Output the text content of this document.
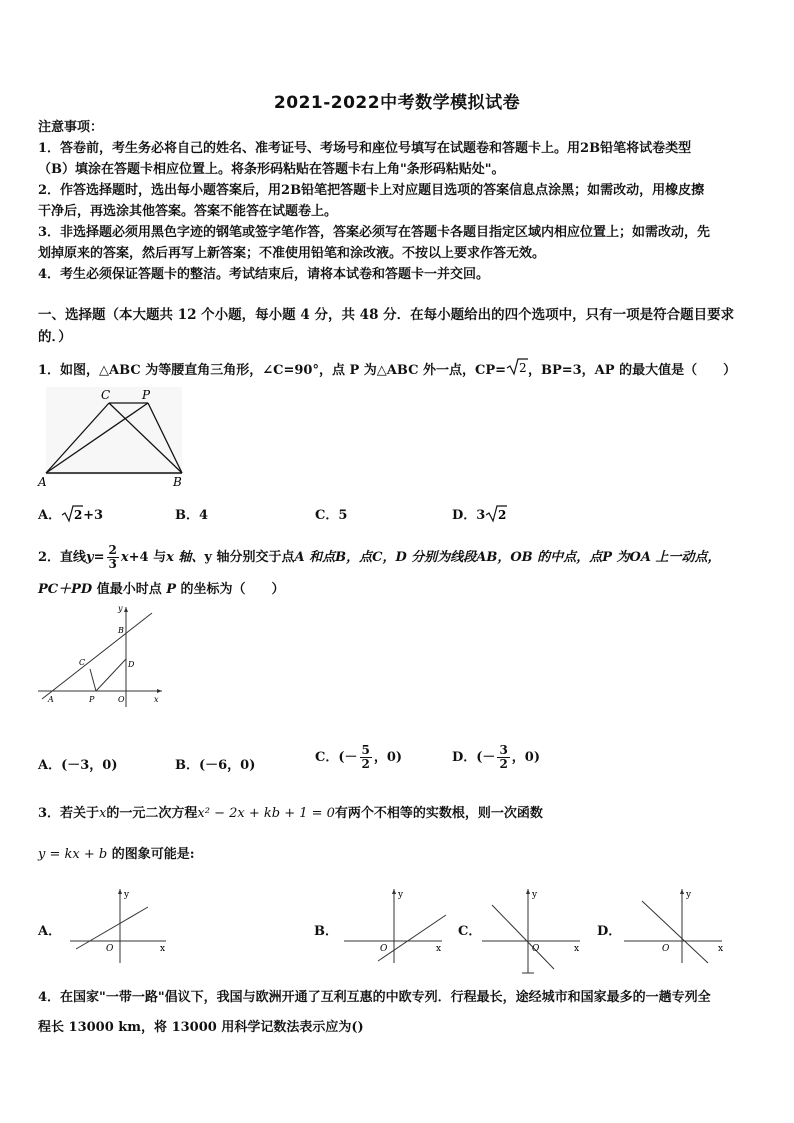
2021-2022中考数学模拟试卷
注意事项：
1．答卷前，考生务必将自己的姓名、准考证号、考场号和座位号填写在试题卷和答题卡上。用2B铅笔将试卷类型
（B）填涂在答题卡相应位置上。将条形码粘贴在答题卡右上角"条形码粘贴处"。
2．作答选择题时，选出每小题答案后，用2B铅笔把答题卡上对应题目选项的答案信息点涂黑；如需改动，用橡皮擦
干净后，再选涂其他答案。答案不能答在试题卷上。
3．非选择题必须用黑色字迹的钢笔或签字笔作答，答案必须写在答题卡各题目指定区域内相应位置上；如需改动，先
划掉原来的答案，然后再写上新答案；不准使用铅笔和涂改液。不按以上要求作答无效。
4．考生必须保证答题卡的整洁。考试结束后，请将本试卷和答题卡一并交回。
一、选择题（本大题共 12 个小题，每小题 4 分，共 48 分．在每小题给出的四个选项中，只有一项是符合题目要求
的．）
1．如图，△ABC 为等腰直角三角形，∠C=90°，点 P 为△ABC 外一点，CP= 2 ，BP=3，AP 的最大值是（　　）
C	P
A	B
A． 2 +3	B．4	C．5	D．3 2
2．直线$y= \frac{2}{3} x+4$ 与x 轴、y 轴分别交于点A 和点B，点C，D 分别为线段AB，OB 的中点，点P 为OA 上一动点，
PC＋PD 值最小时点 P 的坐标为（　　）
y
B
C	D
A	P	O	x
A．(－3，0)	B．(－6，0)
C．(－ $\frac{5}{2}$ ，0)	D．(－ $\frac{3}{2}$ ，0)
3．若关于x的一元二次方程x² − 2x + kb + 1 = 0有两个不相等的实数根，则一次函数
y = kx + b 的图象可能是:
A．
y
x
O
B．
y
x
O
C．
y
x
O
D．
y
x
O
4．在国家"一带一路"倡议下，我国与欧洲开通了互利互惠的中欧专列．行程最长，途经城市和国家最多的一趟专列全
程长 13000 km，将 13000 用科学记数法表示应为()
